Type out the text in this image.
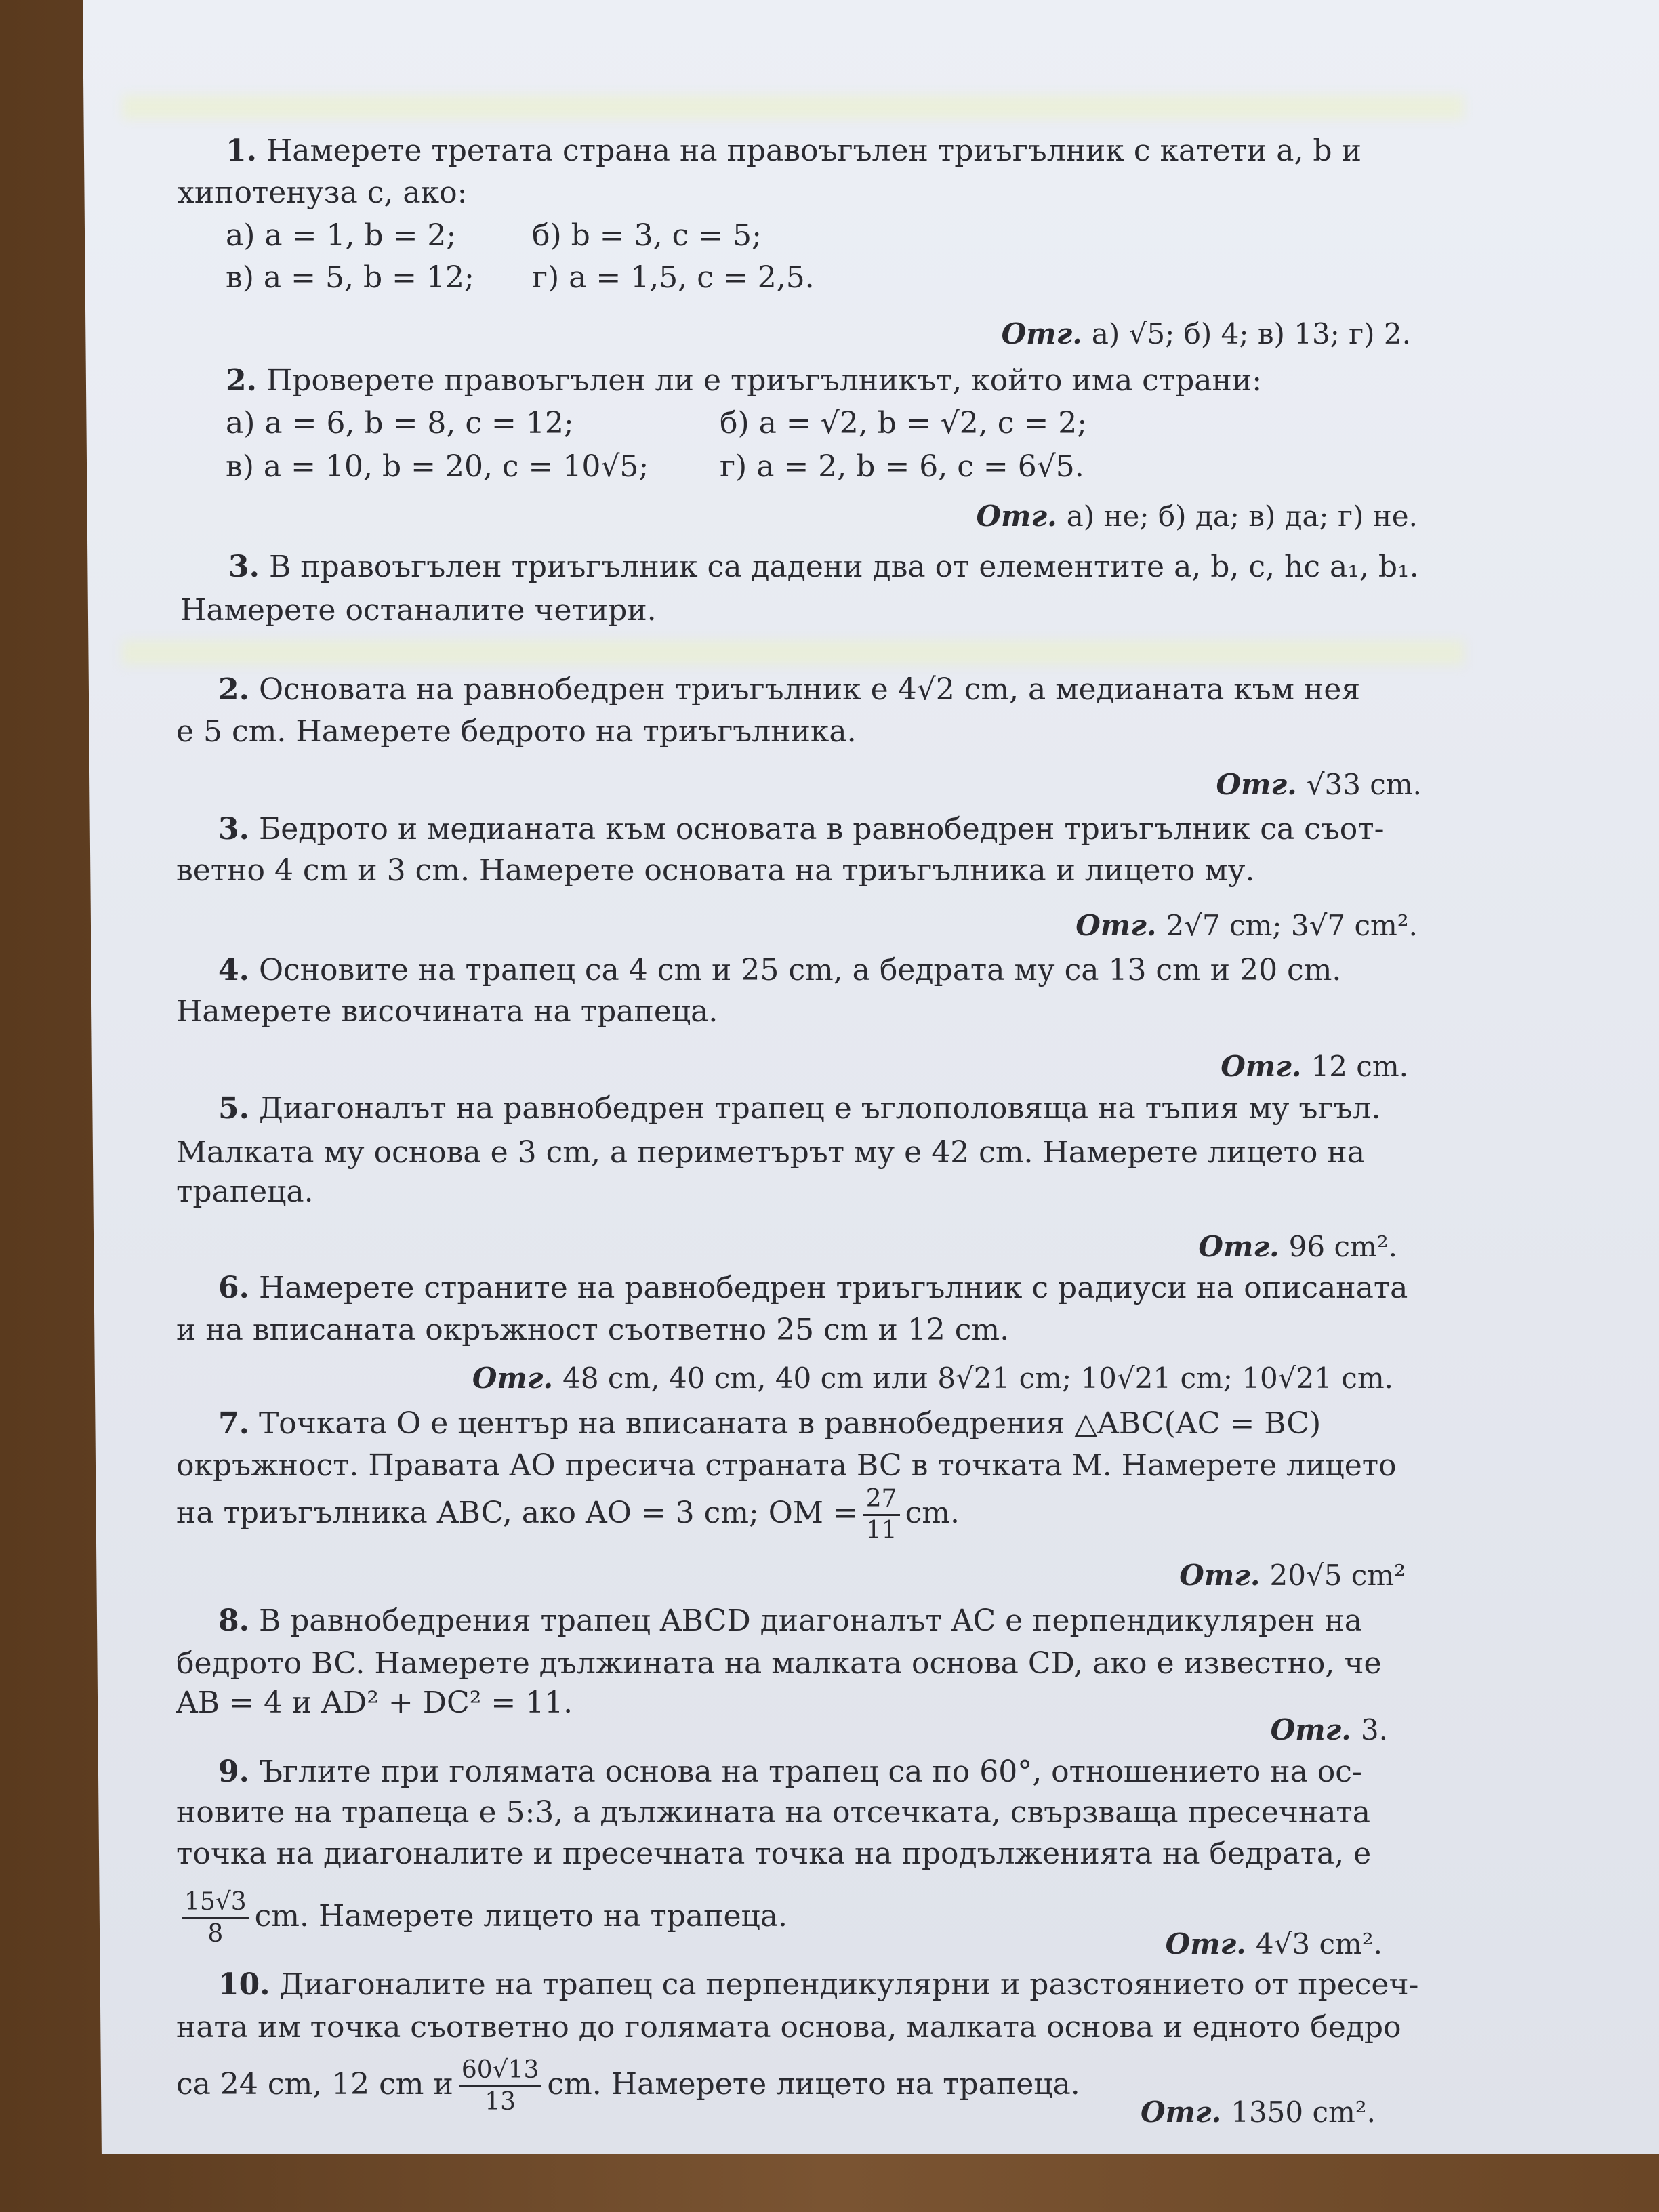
1. Намерете третата страна на правоъгълен триъгълник с катети a, b и
хипотенуза c, ако:
а) a = 1, b = 2;	б) b = 3, c = 5;
в) a = 5, b = 12; г) a = 1,5, c = 2,5.
Отг. а) √5; б) 4; в) 13; г) 2.
2. Проверете правоъгълен ли е триъгълникът, който има страни:
а) a = 6, b = 8, c = 12;	б) a = √2, b = √2, c = 2;
в) a = 10, b = 20, c = 10√5; г) a = 2, b = 6, c = 6√5.
Отг. а) не; б) да; в) да; г) не.
3. В правоъгълен триъгълник са дадени два от елементите a, b, c, hc a₁, b₁.
Намерете останалите четири.
2. Основата на равнобедрен триъгълник е 4√2 cm, а медианата към нея
е 5 cm. Намерете бедрото на триъгълника.
Отг. √33 cm.
3. Бедрото и медианата към основата в равнобедрен триъгълник са съот-
ветно 4 cm и 3 cm. Намерете основата на триъгълника и лицето му.
Отг. 2√7 cm; 3√7 cm².
4. Основите на трапец са 4 cm и 25 cm, а бедрата му са 13 cm и 20 cm.
Намерете височината на трапеца.
Отг. 12 cm.
5. Диагоналът на равнобедрен трапец е ъглополовяща на тъпия му ъгъл.
Малката му основа е 3 cm, а периметърът му е 42 cm. Намерете лицето на
трапеца.
Отг. 96 cm².
6. Намерете страните на равнобедрен триъгълник с радиуси на описаната
и на вписаната окръжност съответно 25 cm и 12 cm.
Отг. 48 cm, 40 cm, 40 cm или 8√21 cm; 10√21 cm; 10√21 cm.
7. Точката O е център на вписаната в равнобедрения △ABC(AC = BC)
окръжност. Правата AO пресича страната BC в точката M. Намерете лицето
на триъгълника ABC, ако AO = 3 cm; OM = $\frac{27}{11}$ cm.
Отг. 20√5 cm²
8. В равнобедрения трапец ABCD диагоналът AC е перпендикулярен на
бедрото BC. Намерете дължината на малката основа CD, ако е известно, че
AB = 4 и AD² + DC² = 11.
Отг. 3.
9. Ъглите при голямата основа на трапец са по 60°, отношението на ос-
новите на трапеца е 5:3, а дължината на отсечката, свързваща пресечната
точка на диагоналите и пресечната точка на продълженията на бедрата, е
$\frac{15√3}{8}$ cm. Намерете лицето на трапеца.
Отг. 4√3 cm².
10. Диагоналите на трапец са перпендикулярни и разстоянието от пресеч-
ната им точка съответно до голямата основа, малката основа и едното бедро
са 24 cm, 12 cm и $\frac{60√13}{13}$ cm. Намерете лицето на трапеца.
Отг. 1350 cm².
